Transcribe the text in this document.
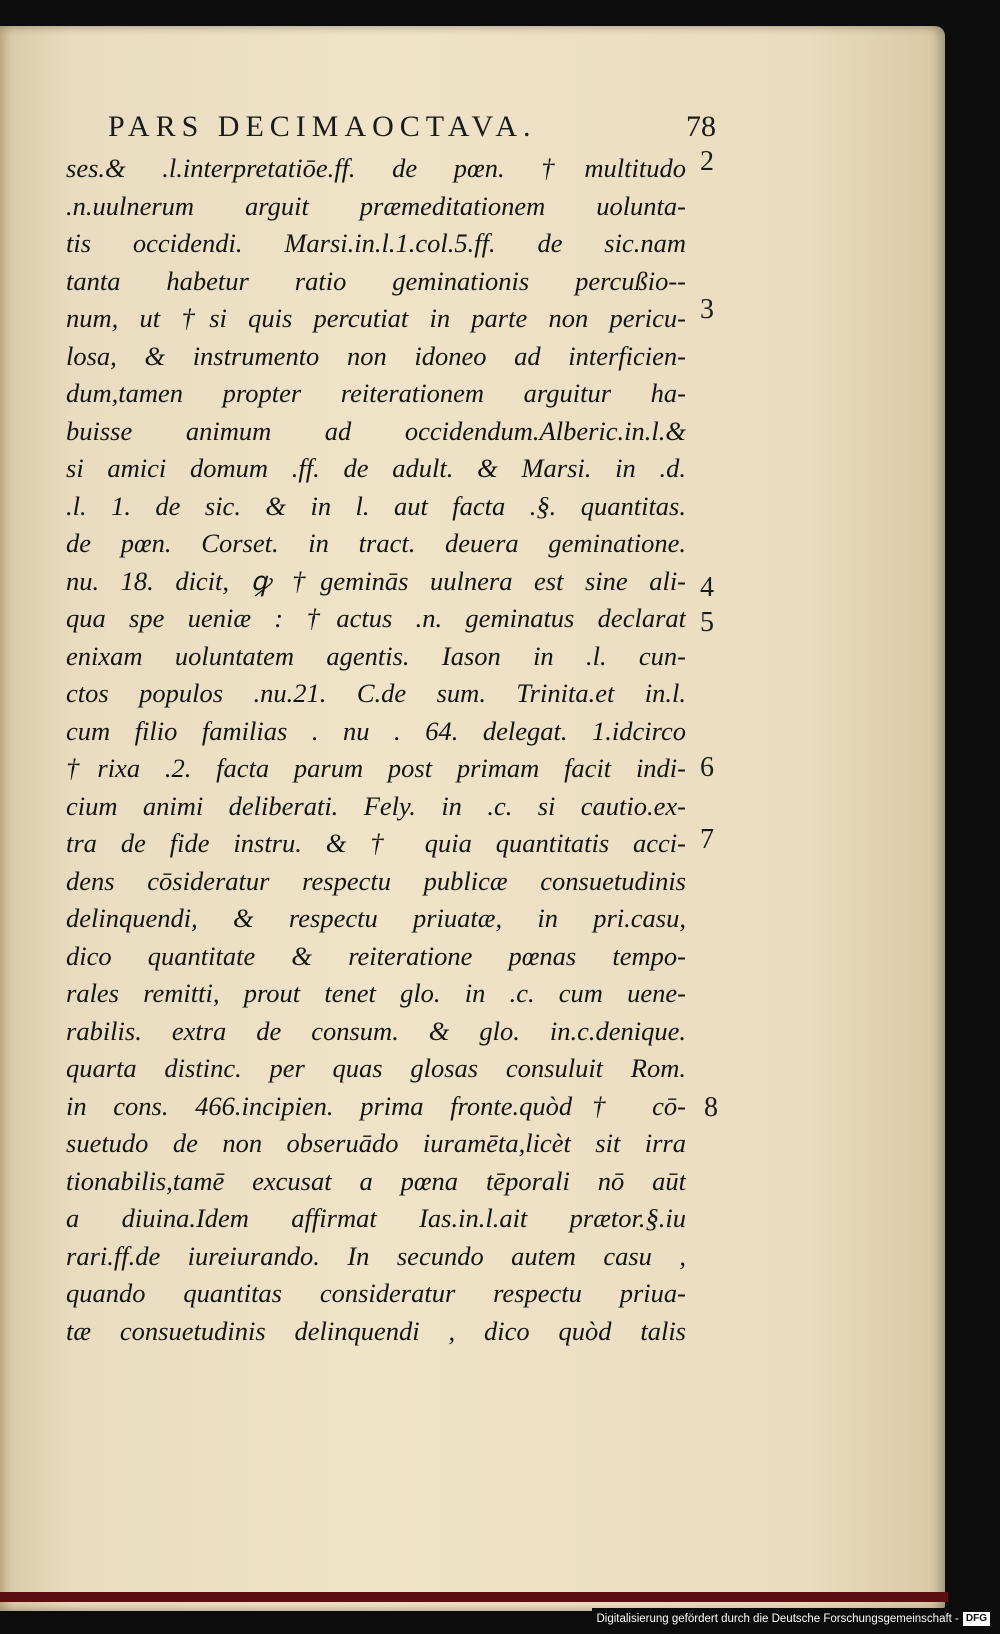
PARS DECIMAOCTAVA.	78
ses.& .l.interpretatiōe.ff. de pœn. †multitudo
.n.uulnerum arguit præmeditationem uolunta-
tis occidendi. Marsi.in.l.1.col.5.ff. de sic.nam
tanta habetur ratio geminationis percußio--
num, ut †si quis percutiat in parte non pericu-
losa, & instrumento non idoneo ad interficien-
dum,tamen propter reiterationem arguitur ha-
buisse animum ad occidendum.Alberic.in.l.&
si amici domum .ff. de adult. & Marsi. in .d.
.l. 1. de sic. & in l. aut facta .§. quantitas.
de pœn. Corset. in tract. deuera geminatione.
nu. 18. dicit, ꝙ †geminās uulnera est sine ali-
qua spe ueniæ : †actus .n. geminatus declarat
enixam uoluntatem agentis. Iason in .l. cun-
ctos populos .nu.21. C.de sum. Trinita.et in.l.
cum filio familias . nu . 64. delegat. 1.idcirco
†rixa .2. facta parum post primam facit indi-
cium animi deliberati. Fely. in .c. si cautio.ex-
tra de fide instru. & † quia quantitatis acci-
dens cōsideratur respectu publicæ consuetudinis
delinquendi, & respectu priuatæ, in pri.casu,
dico quantitate & reiteratione pœnas tempo-
rales remitti, prout tenet glo. in .c. cum uene-
rabilis. extra de consum. & glo. in.c.denique.
quarta distinc. per quas glosas consuluit Rom.
in cons. 466.incipien. prima fronte.quòd† cō-
suetudo de non obseruādo iuramēta,licèt sit irra
tionabilis,tamē excusat a pœna tēporali nō aūt
a diuina.Idem affirmat Ias.in.l.ait prætor.§.iu
rari.ff.de iureiurando. In secundo autem casu ,
quando quantitas consideratur respectu priua-
tæ consuetudinis delinquendi , dico quòd talis
2
3
4
5
6
7
8
Digitalisierung gefördert durch die Deutsche Forschungsgemeinschaft - DFG
